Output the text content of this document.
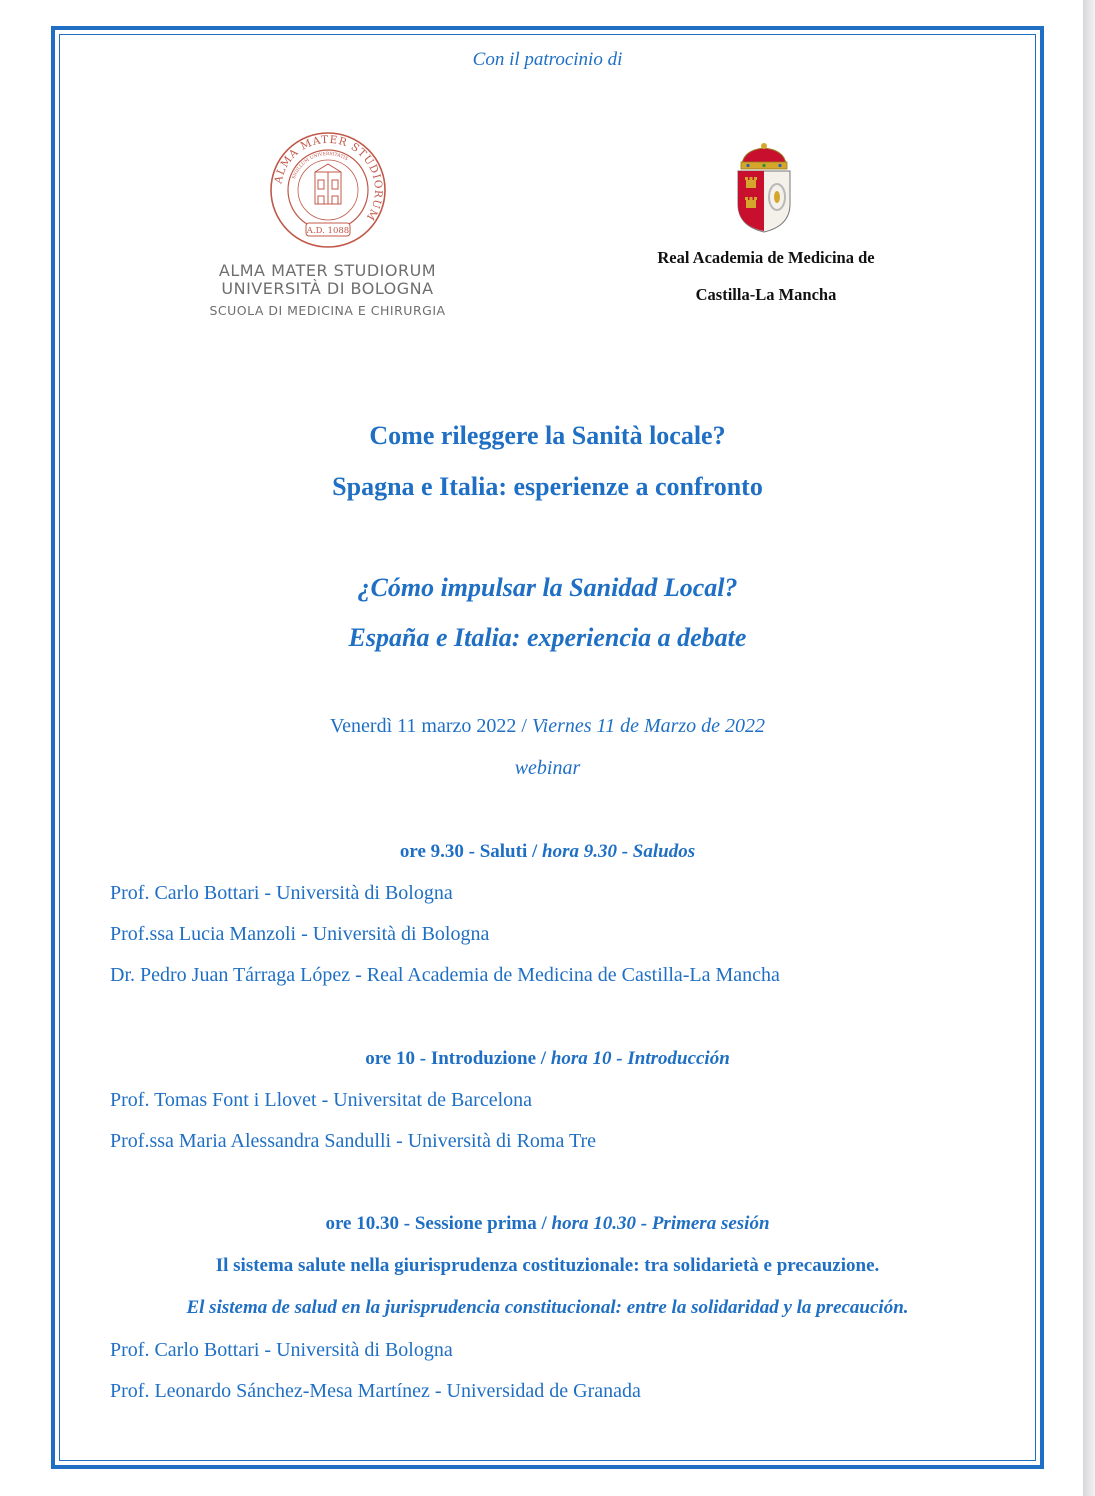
Con il patrocinio di
ALMA MATER STUDIORUM
SIGILLUM UNIVERSITATIS
A.D. 1088
ALMA MATER STUDIORUM
UNIVERSITÀ DI BOLOGNA
SCUOLA DI MEDICINA E CHIRURGIA
Real Academia de Medicina de
Castilla-La Mancha
Come rileggere la Sanità locale?
Spagna e Italia: esperienze a confronto
¿Cómo impulsar la Sanidad Local?
España e Italia: experiencia a debate
Venerdì 11 marzo 2022 / Viernes 11 de Marzo de 2022
webinar
ore 9.30 - Saluti / hora 9.30 - Saludos
Prof. Carlo Bottari - Università di Bologna
Prof.ssa Lucia Manzoli - Università di Bologna
Dr. Pedro Juan Tárraga López - Real Academia de Medicina de Castilla-La Mancha
ore 10 - Introduzione / hora 10 - Introducción
Prof. Tomas Font i Llovet - Universitat de Barcelona
Prof.ssa Maria Alessandra Sandulli - Università di Roma Tre
ore 10.30 - Sessione prima / hora 10.30 - Primera sesión
Il sistema salute nella giurisprudenza costituzionale: tra solidarietà e precauzione.
El sistema de salud en la jurisprudencia constitucional: entre la solidaridad y la precaución.
Prof. Carlo Bottari - Università di Bologna
Prof. Leonardo Sánchez-Mesa Martínez - Universidad de Granada
